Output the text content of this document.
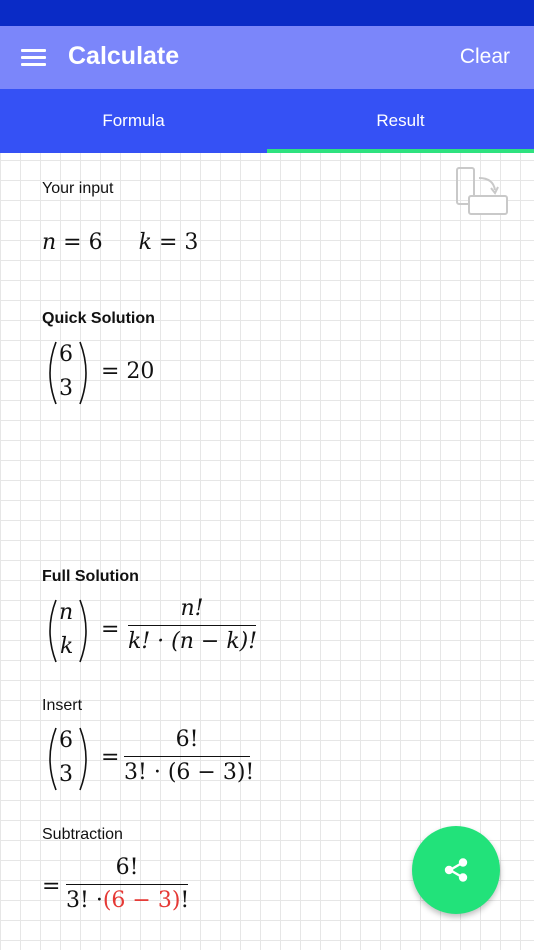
Calculate	Clear
Formula	Result
Your input
n = 6 k = 3
Quick Solution
6
3
= 20
Full Solution
n
k
=
n!
k! · (n − k)!
Insert
6
3
=
6!
3! · (6 − 3)!
Subtraction
=
6!
3! ·(6 − 3)!
